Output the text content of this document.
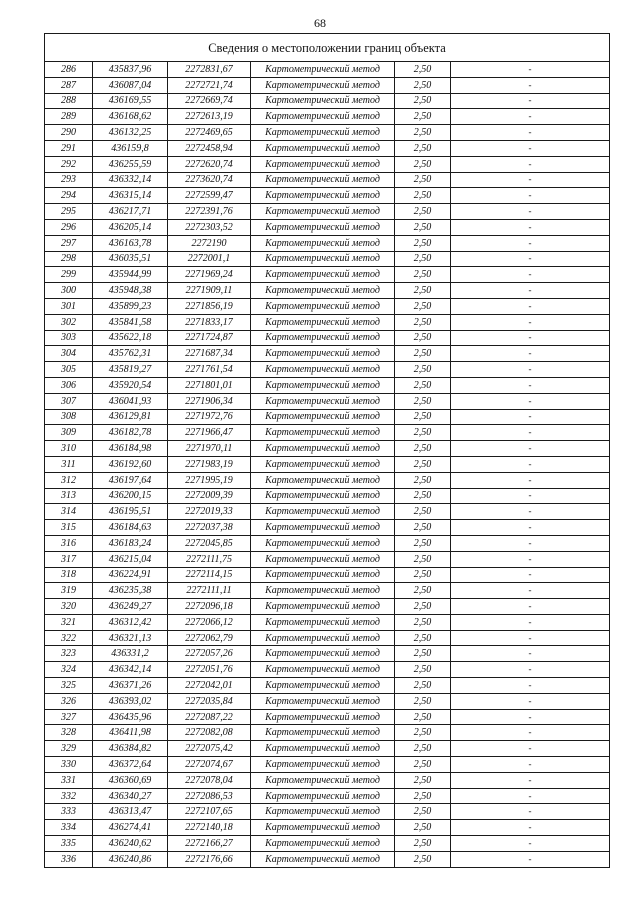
68
Сведения о местоположении границ объекта					
286	435837,96	2272831,67	Картометрический метод	2,50	-
287	436087,04	2272721,74	Картометрический метод	2,50	-
288	436169,55	2272669,74	Картометрический метод	2,50	-
289	436168,62	2272613,19	Картометрический метод	2,50	-
290	436132,25	2272469,65	Картометрический метод	2,50	-
291	436159,8	2272458,94	Картометрический метод	2,50	-
292	436255,59	2272620,74	Картометрический метод	2,50	-
293	436332,14	2273620,74	Картометрический метод	2,50	-
294	436315,14	2272599,47	Картометрический метод	2,50	-
295	436217,71	2272391,76	Картометрический метод	2,50	-
296	436205,14	2272303,52	Картометрический метод	2,50	-
297	436163,78	2272190	Картометрический метод	2,50	-
298	436035,51	2272001,1	Картометрический метод	2,50	-
299	435944,99	2271969,24	Картометрический метод	2,50	-
300	435948,38	2271909,11	Картометрический метод	2,50	-
301	435899,23	2271856,19	Картометрический метод	2,50	-
302	435841,58	2271833,17	Картометрический метод	2,50	-
303	435622,18	2271724,87	Картометрический метод	2,50	-
304	435762,31	2271687,34	Картометрический метод	2,50	-
305	435819,27	2271761,54	Картометрический метод	2,50	-
306	435920,54	2271801,01	Картометрический метод	2,50	-
307	436041,93	2271906,34	Картометрический метод	2,50	-
308	436129,81	2271972,76	Картометрический метод	2,50	-
309	436182,78	2271966,47	Картометрический метод	2,50	-
310	436184,98	2271970,11	Картометрический метод	2,50	-
311	436192,60	2271983,19	Картометрический метод	2,50	-
312	436197,64	2271995,19	Картометрический метод	2,50	-
313	436200,15	2272009,39	Картометрический метод	2,50	-
314	436195,51	2272019,33	Картометрический метод	2,50	-
315	436184,63	2272037,38	Картометрический метод	2,50	-
316	436183,24	2272045,85	Картометрический метод	2,50	-
317	436215,04	2272111,75	Картометрический метод	2,50	-
318	436224,91	2272114,15	Картометрический метод	2,50	-
319	436235,38	2272111,11	Картометрический метод	2,50	-
320	436249,27	2272096,18	Картометрический метод	2,50	-
321	436312,42	2272066,12	Картометрический метод	2,50	-
322	436321,13	2272062,79	Картометрический метод	2,50	-
323	436331,2	2272057,26	Картометрический метод	2,50	-
324	436342,14	2272051,76	Картометрический метод	2,50	-
325	436371,26	2272042,01	Картометрический метод	2,50	-
326	436393,02	2272035,84	Картометрический метод	2,50	-
327	436435,96	2272087,22	Картометрический метод	2,50	-
328	436411,98	2272082,08	Картометрический метод	2,50	-
329	436384,82	2272075,42	Картометрический метод	2,50	-
330	436372,64	2272074,67	Картометрический метод	2,50	-
331	436360,69	2272078,04	Картометрический метод	2,50	-
332	436340,27	2272086,53	Картометрический метод	2,50	-
333	436313,47	2272107,65	Картометрический метод	2,50	-
334	436274,41	2272140,18	Картометрический метод	2,50	-
335	436240,62	2272166,27	Картометрический метод	2,50	-
336	436240,86	2272176,66	Картометрический метод	2,50	-
